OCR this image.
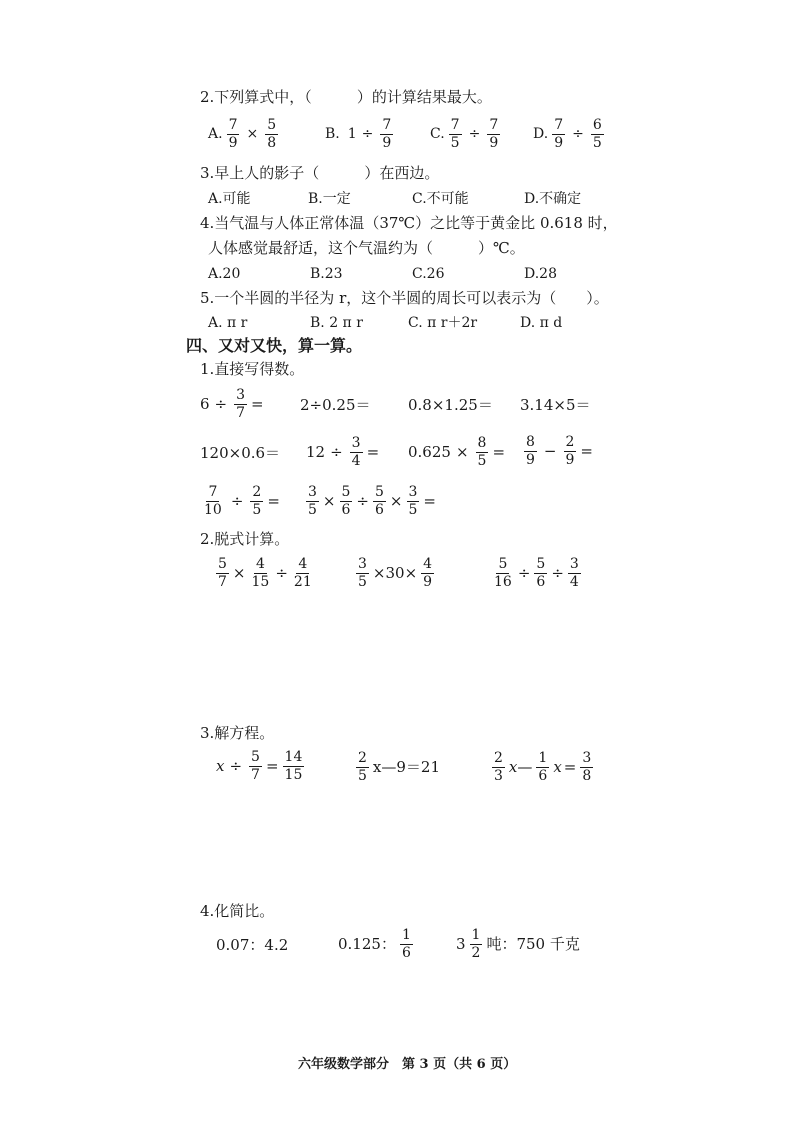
2.下列算式中，（　　　）的计算结果最大。
A. $\frac{7}{9} \times \frac{5}{8}$	B. $1 \div \frac{7}{9}$	C. $\frac{7}{5} \div \frac{7}{9} D$. $\frac{7}{9} \div \frac{6}{5}$
3.早上人的影子（　　　）在西边。
A.可能	B.一定	C.不可能	D.不确定
4.当气温与人体正常体温（37℃）之比等于黄金比 0.618 时，
人体感觉最舒适，这个气温约为（　　　）℃。
A.20	B.23	C.26	D.28
5.一个半圆的半径为 r，这个半圆的周长可以表示为（　　）。
A. π r	B. 2 π r	C. π r＋2r	D. π d
四、又对又快，算一算。
1.直接写得数。
$6 \div \frac{3}{7} = 2\div 0.25= 0.8\times 1.25= 3.14\times 5=$
$120\times 0.6= 12 \div \frac{3}{4} = 0.625 \times \frac{8}{5} = \frac{8}{9} - \frac{2}{9}$ =
$\frac{7}{10} \div \frac{2}{5} = \frac{3}{5} \times \frac{5}{6} \div \frac{5}{6} \times \frac{3}{5}$ =
2.脱式计算。
$\frac{5}{7} \times \frac{4}{15} \div \frac{4}{21}$	$\frac{3}{5} \times 30\times \frac{4}{9}$	$\frac{5}{16} \div \frac{5}{6} \div \frac{3}{4}$
3.解方程。
$x \div \frac{5}{7} = \frac{14}{15}$	$\frac{2}{5}$ x—9＝21	$\frac{2}{3}$ x— $\frac{1}{6}$ $x = \frac{3}{8}$
4.化简比。
0.07：4.2	0.125： $\frac{1}{6}$	$3 \frac{1}{2}$ 吨：750 千克
六年级数学部分　第 3 页（共 6 页）
